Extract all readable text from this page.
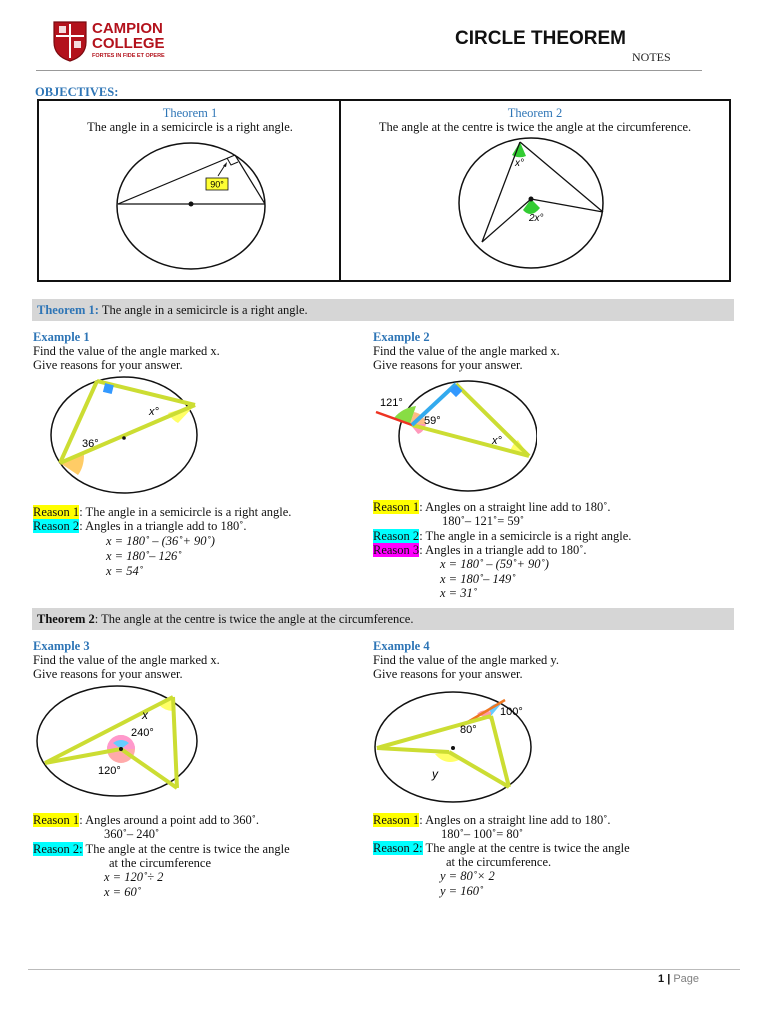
CAMPION
COLLEGE
FORTES IN FIDE ET OPERE
CIRCLE THEOREM
NOTES
OBJECTIVES:
Theorem 1
The angle in a semicircle is a right angle.
Theorem 2
The angle at the centre is twice the angle at the circumference.
90°
x°
2x°
Theorem 1: The angle in a semicircle is a right angle.
Example 1
Find the value of the angle marked x.
Give reasons for your answer.
x°
36°
Reason 1: The angle in a semicircle is a right angle.
Reason 2: Angles in a triangle add to 180˚.
x = 180˚ – (36˚+ 90˚)
x = 180˚– 126˚
x = 54˚
Example 2
Find the value of the angle marked x.
Give reasons for your answer.
121°
59°
x°
Reason 1: Angles on a straight line add to 180˚.
180˚– 121˚= 59˚
Reason 2: The angle in a semicircle is a right angle.
Reason 3: Angles in a triangle add to 180˚.
x = 180˚ – (59˚+ 90˚)
x = 180˚– 149˚
x = 31˚
Theorem 2: The angle at the centre is twice the angle at the circumference.
Example 3
Find the value of the angle marked x.
Give reasons for your answer.
x
240°
120°
Reason 1: Angles around a point add to 360˚.
360˚– 240˚
Reason 2: The angle at the centre is twice the angle
at the circumference
x = 120˚÷ 2
x = 60˚
Example 4
Find the value of the angle marked y.
Give reasons for your answer.
100°
80°
y
Reason 1: Angles on a straight line add to 180˚.
180˚– 100˚= 80˚
Reason 2: The angle at the centre is twice the angle
at the circumference.
y = 80˚× 2
y = 160˚
1 | Page
